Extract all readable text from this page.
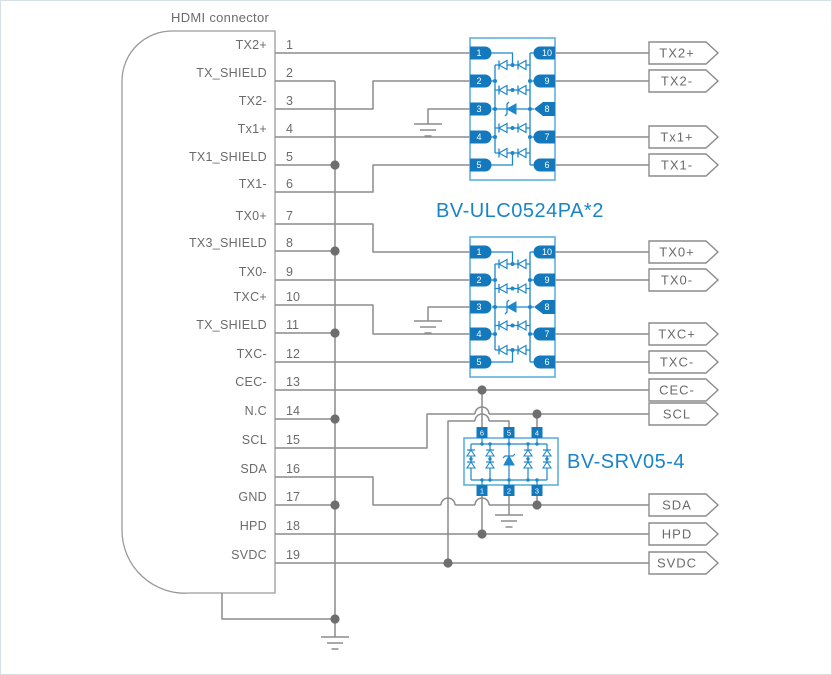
HDMI connector
TX2+ 1
TX_SHIELD 2
TX2- 3
Tx1+ 4
TX1_SHIELD 5
TX1- 6
TX0+ 7
TX3_SHIELD 8
TX0- 9
TXC+ 10
TX_SHIELD 11
TXC- 12
CEC- 13
N.C 14
SCL 15
SDA 16
GND 17
HPD 18
SVDC 19
1	10
2	9
3	8
4	7
5	6
1	10
2	9
3	8
4	7
5	6
6
1
5
2
4
3
TX2+
TX2-
Tx1+
TX1-
TX0+
TX0-
TXC+
TXC-
CEC-
SCL
SDA
HPD
SVDC
BV-ULC0524PA*2
BV-SRV05-4
